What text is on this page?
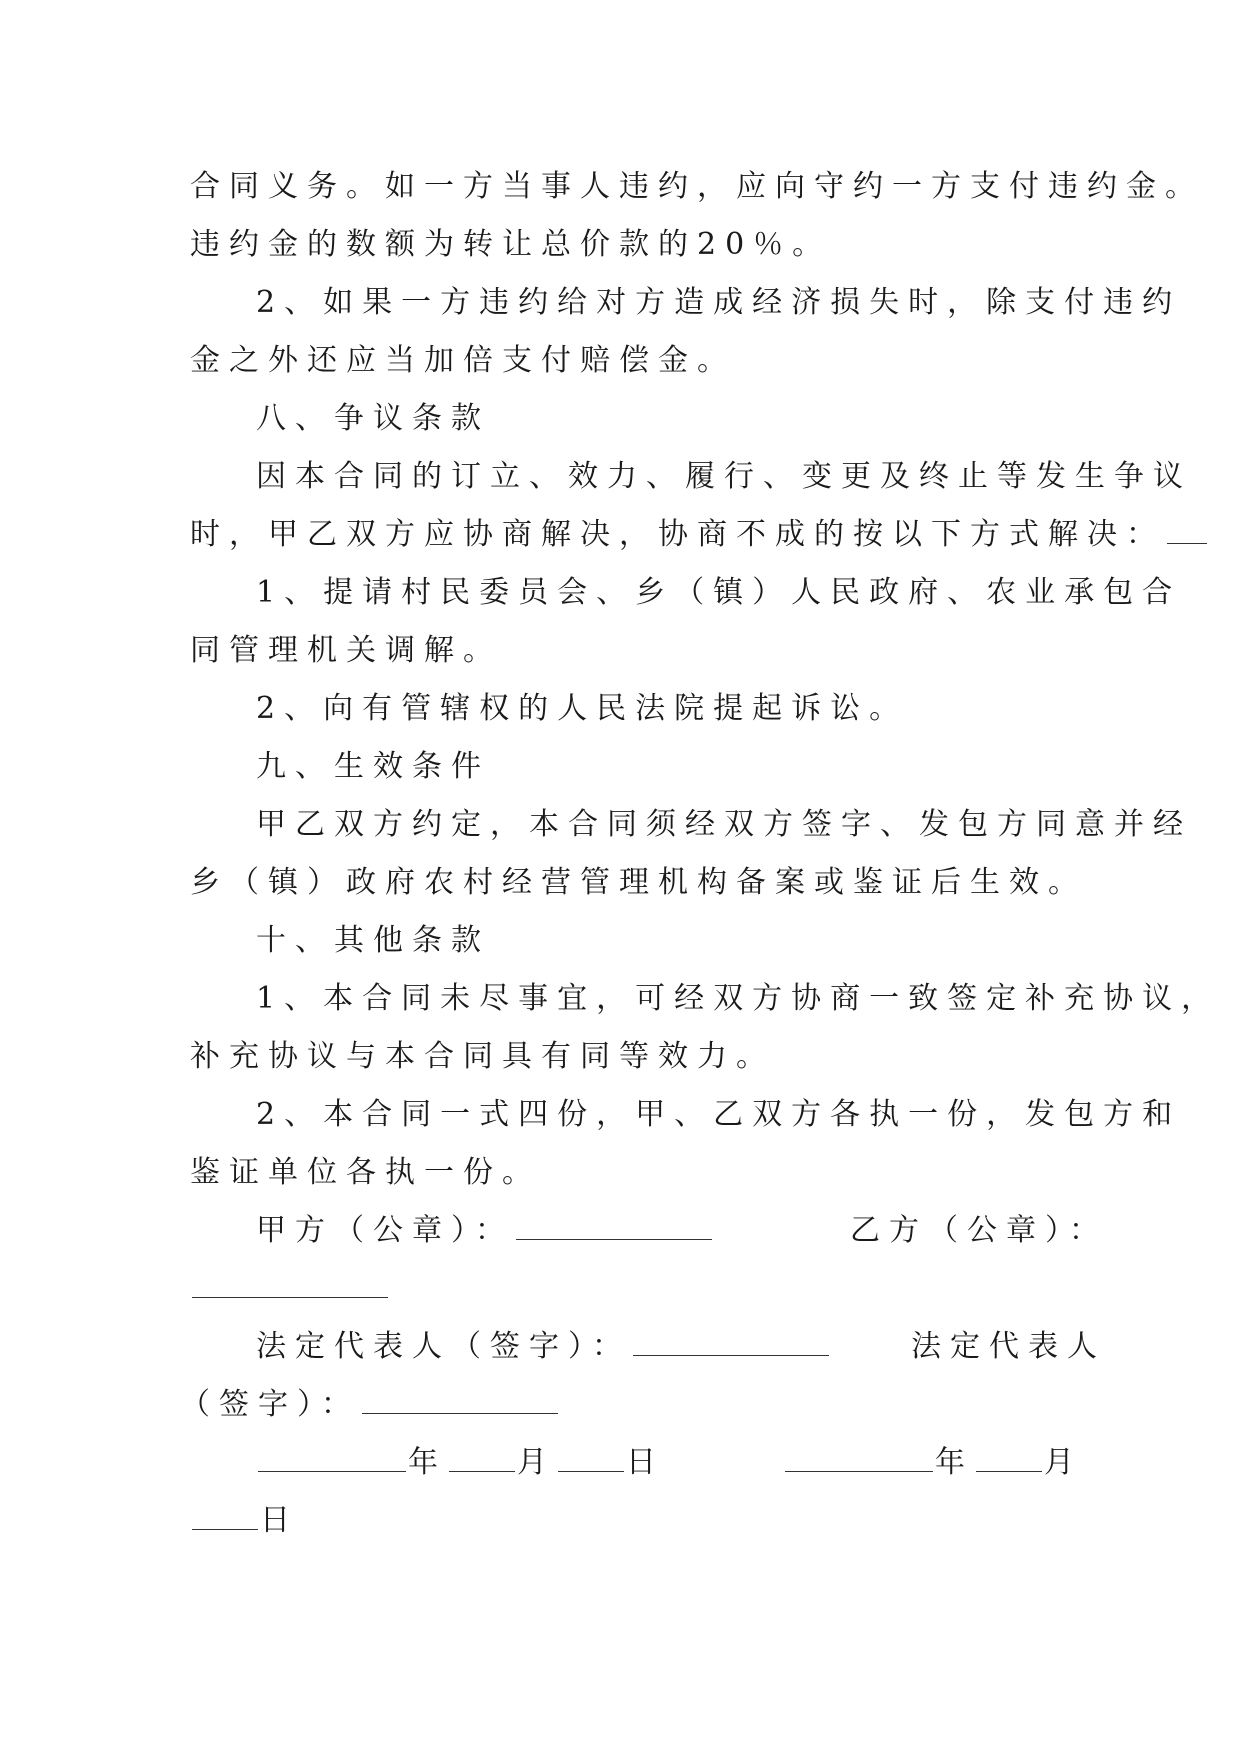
合同义务。如一方当事人违约，应向守约一方支付违约金。
违约金的数额为转让总价款的20％。
2、如果一方违约给对方造成经济损失时，除支付违约
金之外还应当加倍支付赔偿金。
八、争议条款
因本合同的订立、效力、履行、变更及终止等发生争议
时，甲乙双方应协商解决，协商不成的按以下方式解决：
1、提请村民委员会、乡（镇）人民政府、农业承包合
同管理机关调解。
2、向有管辖权的人民法院提起诉讼。
九、生效条件
甲乙双方约定，本合同须经双方签字、发包方同意并经
乡（镇）政府农村经营管理机构备案或鉴证后生效。
十、其他条款
1、本合同未尽事宜，可经双方协商一致签定补充协议，
补充协议与本合同具有同等效力。
2、本合同一式四份，甲、乙双方各执一份，发包方和
鉴证单位各执一份。
甲方（公章）：	乙方（公章）：
法定代表人（签字）：	法定代表人
（签字）：
年 月 日	年 月
日
